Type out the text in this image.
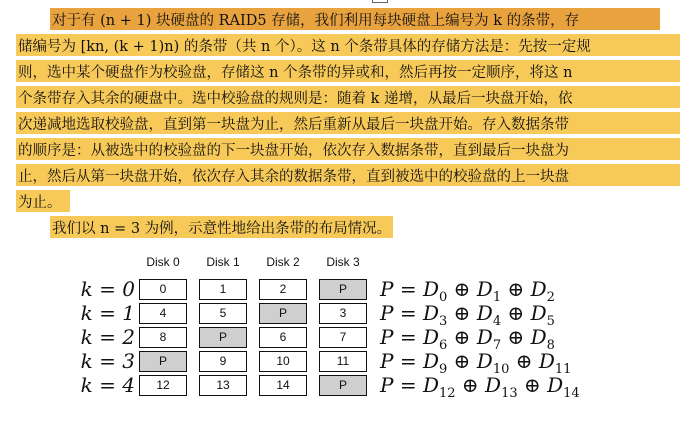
对于有 (n + 1) 块硬盘的 RAID5 存储，我们利用每块硬盘上编号为 k 的条带，存
储编号为 [kn, (k + 1)n) 的条带（共 n 个）。这 n 个条带具体的存储方法是：先按一定规
则，选中某个硬盘作为校验盘，存储这 n 个条带的异或和，然后再按一定顺序，将这 n
个条带存入其余的硬盘中。选中校验盘的规则是：随着 k 递增，从最后一块盘开始，依
次递减地选取校验盘，直到第一块盘为止，然后重新从最后一块盘开始。存入数据条带
的顺序是：从被选中的校验盘的下一块盘开始，依次存入数据条带，直到最后一块盘为
止，然后从第一块盘开始，依次存入其余的数据条带，直到被选中的校验盘的上一块盘
为止。
我们以 n = 3 为例，示意性地给出条带的布局情况。
Disk 0	Disk 1	Disk 2	Disk 3
k = 0	0	1	2	P	$P = D_0$ ⊕ $D_1$ ⊕ $D_2$
k = 1	4	5	P	3	$P = D_3$ ⊕ $D_4$ ⊕ $D_5$
k = 2	8	P	6	7	$P = D_6$ ⊕ $D_7$ ⊕ $D_8$
k = 3	P	9	10	11	$P = D_9$ ⊕ $D_{10}$ ⊕ $D_{11}$
k = 4	12	13	14	P	$P = D_{12}$ ⊕ $D_{13}$ ⊕ $D_{14}$
